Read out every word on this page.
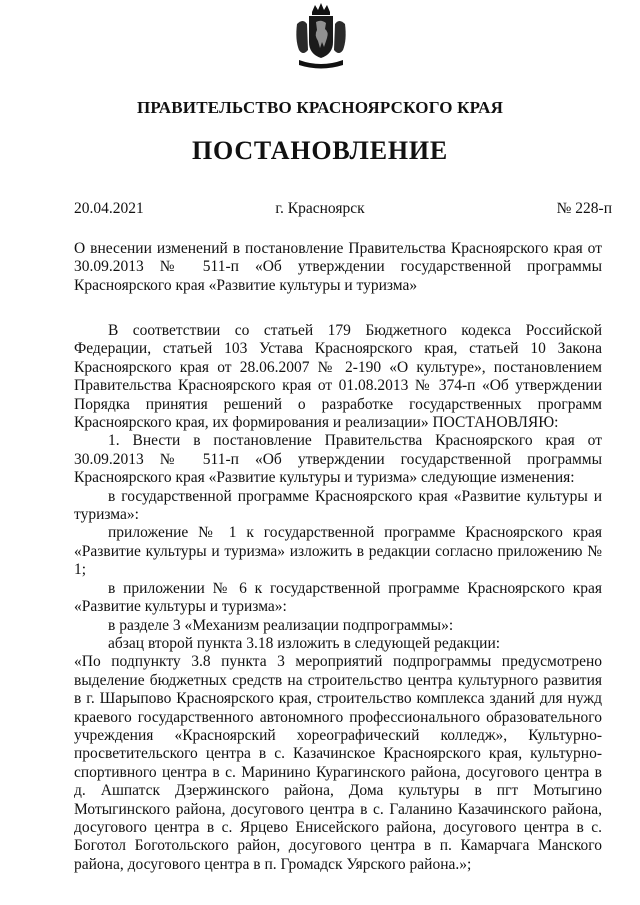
ПРАВИТЕЛЬСТВО КРАСНОЯРСКОГО КРАЯ
ПОСТАНОВЛЕНИЕ
20.04.2021	г. Красноярск	№ 228-п

О внесении изменений в постановление Правительства Красноярского края от 30.09.2013 № 511-п «Об утверждении государственной программы Красноярского края «Развитие культуры и туризма»

В соответствии со статьей 179 Бюджетного кодекса Российской Федерации, статьей 103 Устава Красноярского края, статьей 10 Закона Красноярского края от 28.06.2007 № 2-190 «О культуре», постановлением Правительства Красноярского края от 01.08.2013 № 374-п «Об утверждении Порядка принятия решений о разработке государственных программ Красноярского края, их формирования и реализации» ПОСТАНОВЛЯЮ:

1. Внести в постановление Правительства Красноярского края от 30.09.2013 № 511-п «Об утверждении государственной программы Красноярского края «Развитие культуры и туризма» следующие изменения:

в государственной программе Красноярского края «Развитие культуры и туризма»:

приложение № 1 к государственной программе Красноярского края «Развитие культуры и туризма» изложить в редакции согласно приложению № 1;

в приложении № 6 к государственной программе Красноярского края «Развитие культуры и туризма»:

в разделе 3 «Механизм реализации подпрограммы»:

абзац второй пункта 3.18 изложить в следующей редакции:

«По подпункту 3.8 пункта 3 мероприятий подпрограммы предусмотрено выделение бюджетных средств на строительство центра культурного развития в г. Шарыпово Красноярского края, строительство комплекса зданий для нужд краевого государственного автономного профессионального образовательного учреждения «Красноярский хореографический колледж», Культурно-просветительского центра в с. Казачинское Красноярского края, культурно-спортивного центра в с. Маринино Курагинского района, досугового центра в д. Ашпатск Дзержинского района, Дома культуры в пгт Мотыгино Мотыгинского района, досугового центра в с. Галанино Казачинского района, досугового центра в с. Ярцево Енисейского района, досугового центра в с. Боготол Боготольского район, досугового центра в п. Камарчага Манского района, досугового центра в п. Громадск Уярского района.»;
